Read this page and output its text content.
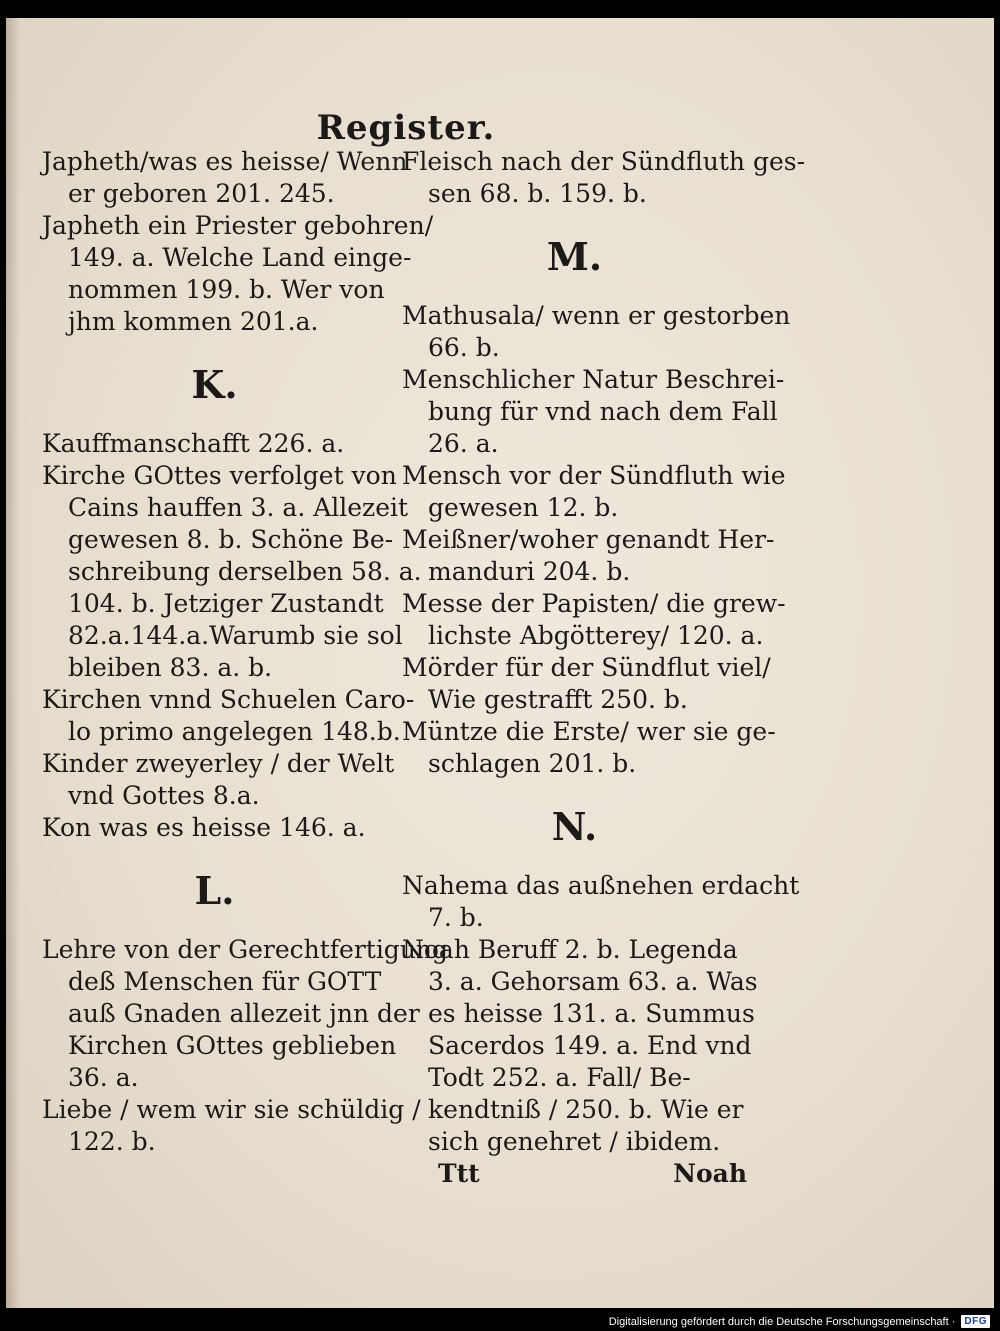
Register.
Japheth/was es heisse/ Wenn
er geboren 201. 245.
Japheth ein Priester gebohren/
149. a. Welche Land einge-
nommen 199. b. Wer von
jhm kommen 201.a.
K.
Kauffmanschafft 226. a.
Kirche GOttes verfolget von
Cains hauffen 3. a. Allezeit
gewesen 8. b. Schöne Be-
schreibung derselben 58. a.
104. b. Jetziger Zustandt
82.a.144.a.Warumb sie sol
bleiben 83. a. b.
Kirchen vnnd Schuelen Caro-
lo primo angelegen 148.b.
Kinder zweyerley / der Welt
vnd Gottes 8.a.
Kon was es heisse 146. a.
L.
Lehre von der Gerechtfertigung
deß Menschen für GOTT
auß Gnaden allezeit jnn der
Kirchen GOttes geblieben
36. a.
Liebe / wem wir sie schüldig /
122. b.
Fleisch nach der Sündfluth ges-
sen 68. b. 159. b.
M.
Mathusala/ wenn er gestorben
66. b.
Menschlicher Natur Beschrei-
bung für vnd nach dem Fall
26. a.
Mensch vor der Sündfluth wie
gewesen 12. b.
Meißner/woher genandt Her-
manduri 204. b.
Messe der Papisten/ die grew-
lichste Abgötterey/ 120. a.
Mörder für der Sündflut viel/
Wie gestrafft 250. b.
Müntze die Erste/ wer sie ge-
schlagen 201. b.
N.
Nahema das außnehen erdacht
7. b.
Noah Beruff 2. b. Legenda
3. a. Gehorsam 63. a. Was
es heisse 131. a. Summus
Sacerdos 149. a. End vnd
Todt 252. a. Fall/ Be-
kendtniß / 250. b. Wie er
sich genehret / ibidem.
Ttt	Noah
Digitalisierung gefördert durch die Deutsche Forschungsgemeinschaft · DFG
